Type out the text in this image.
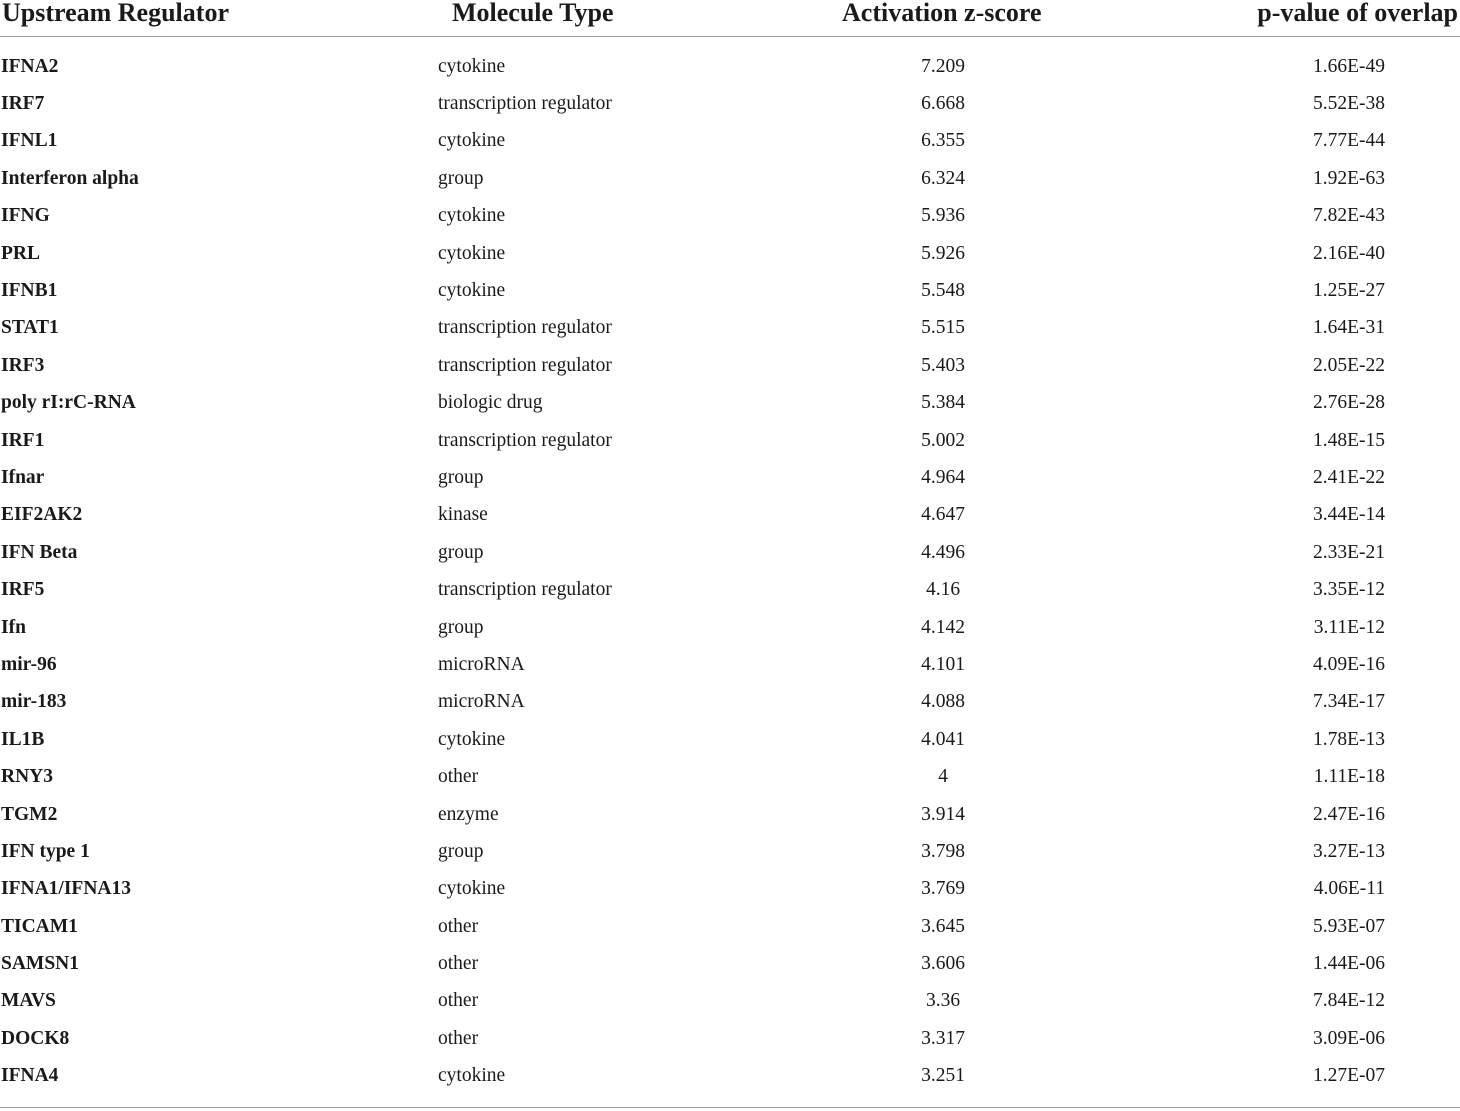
Upstream Regulator	Molecule Type	Activation z-score	p-value of overlap

IFNA2	cytokine	7.209	1.66E-49
IRF7	transcription regulator	6.668	5.52E-38
IFNL1	cytokine	6.355	7.77E-44
Interferon alpha	group	6.324	1.92E-63
IFNG	cytokine	5.936	7.82E-43
PRL	cytokine	5.926	2.16E-40
IFNB1	cytokine	5.548	1.25E-27
STAT1	transcription regulator	5.515	1.64E-31
IRF3	transcription regulator	5.403	2.05E-22
poly rI:rC-RNA	biologic drug	5.384	2.76E-28
IRF1	transcription regulator	5.002	1.48E-15
Ifnar	group	4.964	2.41E-22
EIF2AK2	kinase	4.647	3.44E-14
IFN Beta	group	4.496	2.33E-21
IRF5	transcription regulator	4.16	3.35E-12
Ifn	group	4.142	3.11E-12
mir-96	microRNA	4.101	4.09E-16
mir-183	microRNA	4.088	7.34E-17
IL1B	cytokine	4.041	1.78E-13
RNY3	other	4	1.11E-18
TGM2	enzyme	3.914	2.47E-16
IFN type 1	group	3.798	3.27E-13
IFNA1/IFNA13	cytokine	3.769	4.06E-11
TICAM1	other	3.645	5.93E-07
SAMSN1	other	3.606	1.44E-06
MAVS	other	3.36	7.84E-12
DOCK8	other	3.317	3.09E-06
IFNA4	cytokine	3.251	1.27E-07
